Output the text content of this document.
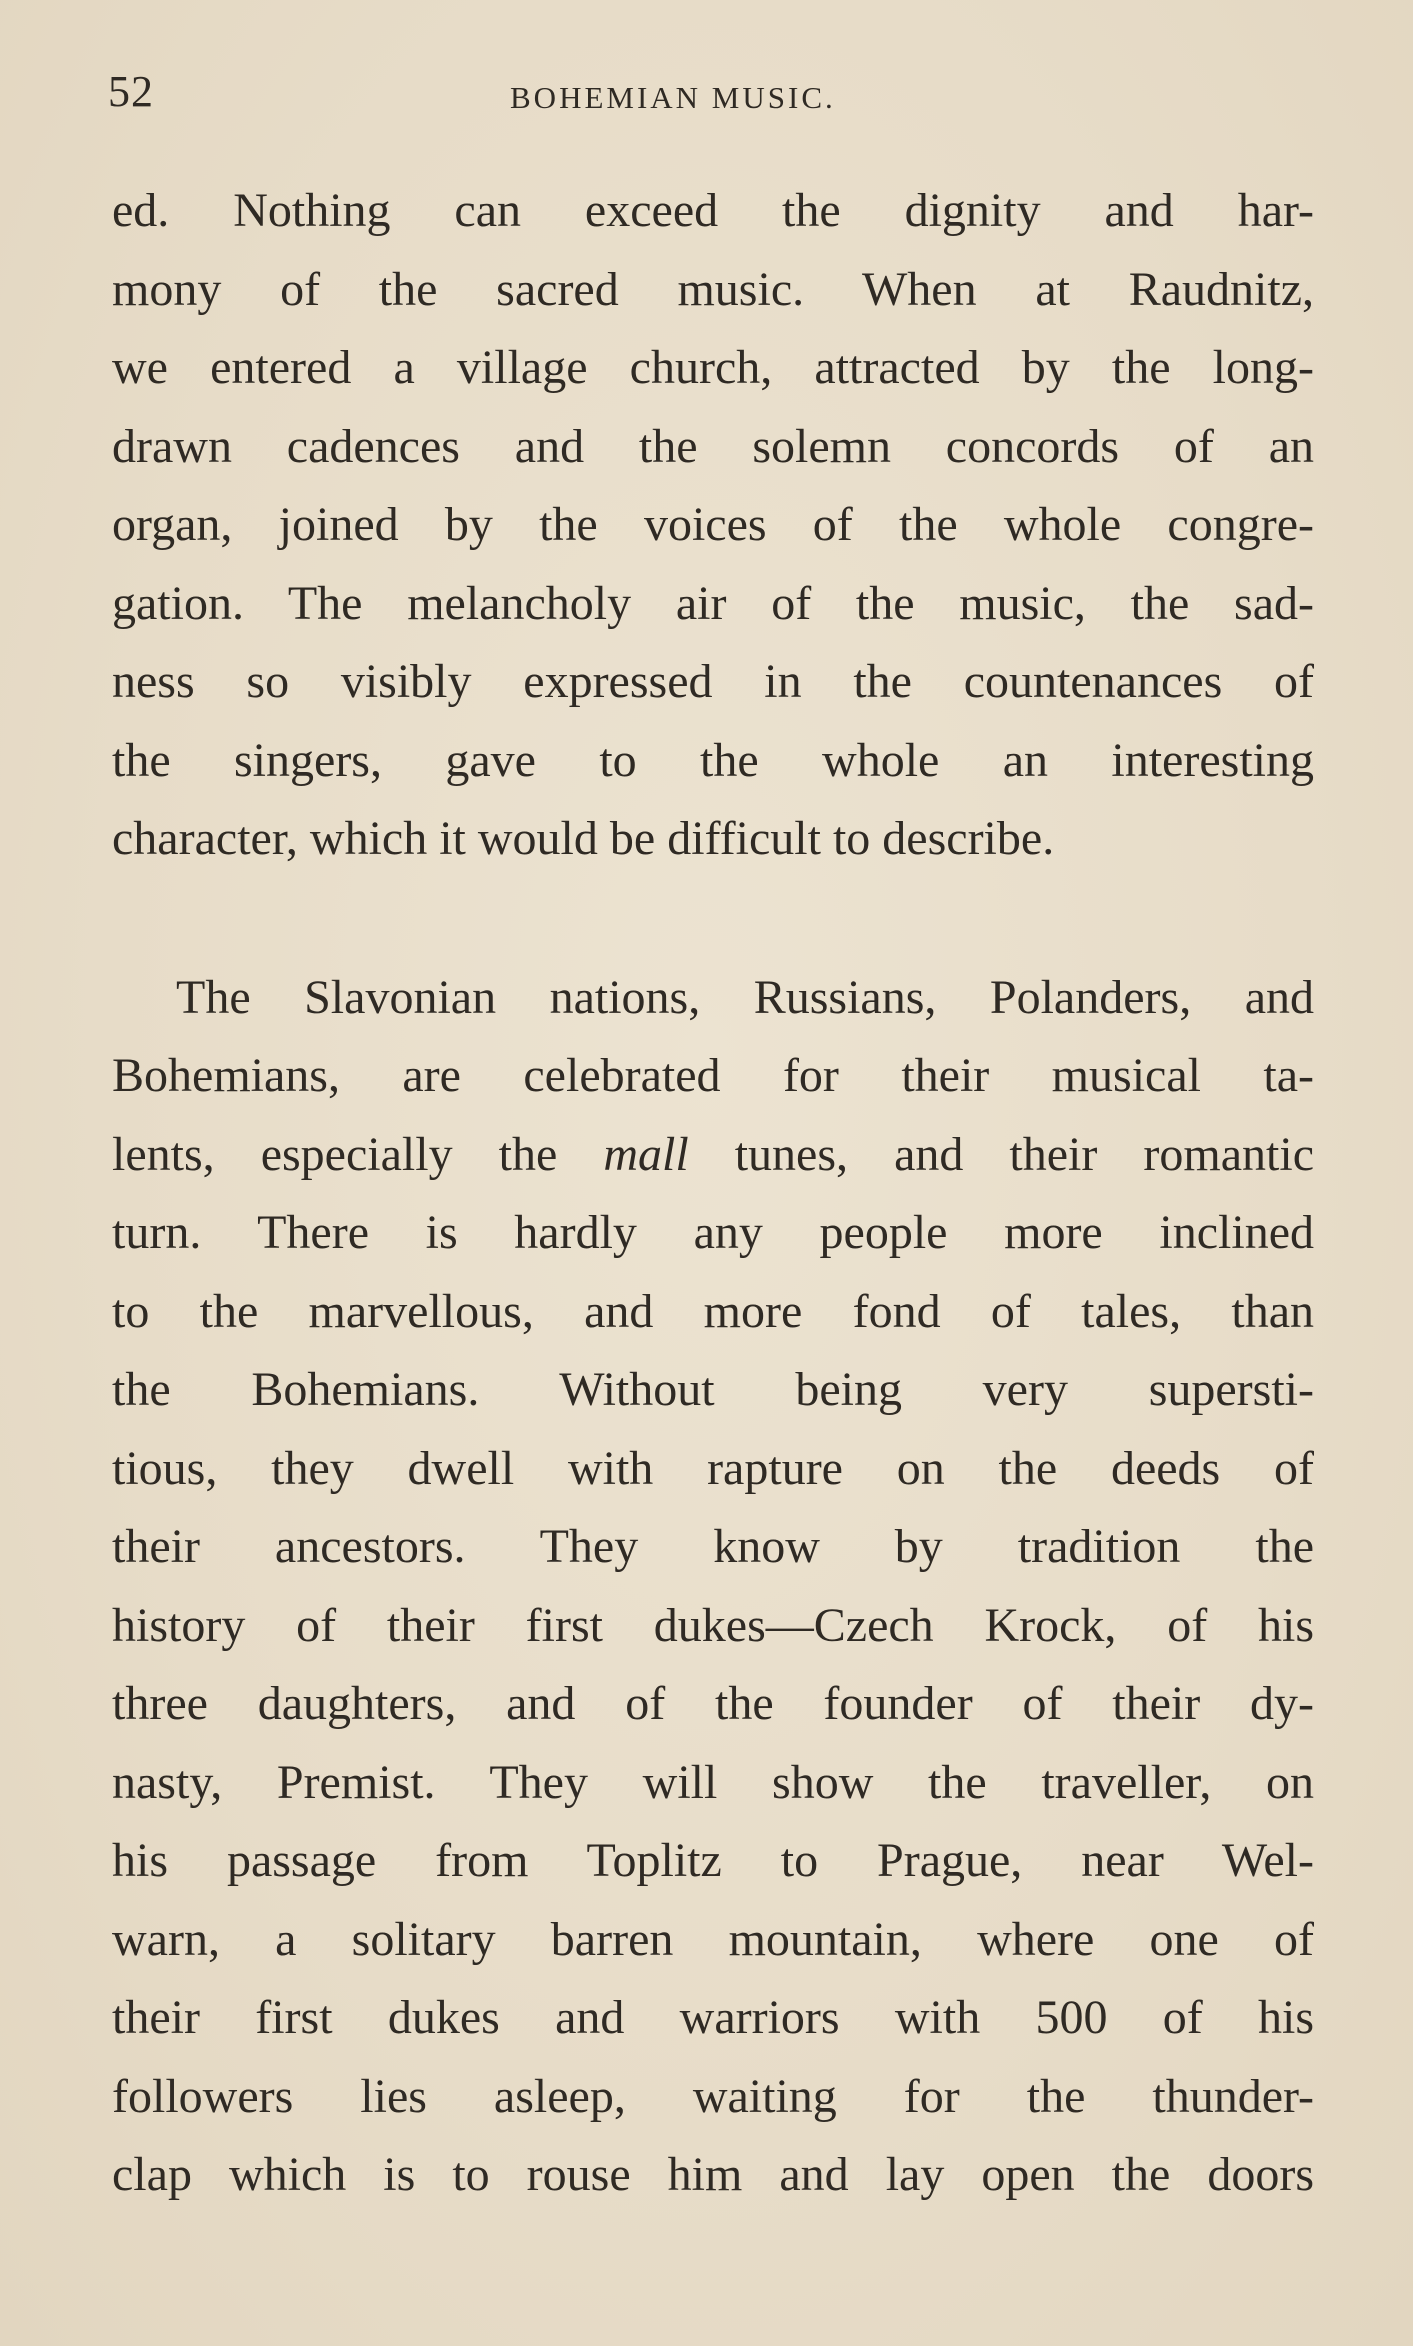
52	BOHEMIAN MUSIC.
ed. Nothing can exceed the dignity and har-
mony of the sacred music. When at Raudnitz,
we entered a village church, attracted by the long-
drawn cadences and the solemn concords of an
organ, joined by the voices of the whole congre-
gation. The melancholy air of the music, the sad-
ness so visibly expressed in the countenances of
the singers, gave to the whole an interesting
character, which it would be difficult to describe.
The Slavonian nations, Russians, Polanders, and
Bohemians, are celebrated for their musical ta-
lents, especially the mall tunes, and their romantic
turn. There is hardly any people more inclined
to the marvellous, and more fond of tales, than
the Bohemians. Without being very supersti-
tious, they dwell with rapture on the deeds of
their ancestors. They know by tradition the
history of their first dukes—Czech Krock, of his
three daughters, and of the founder of their dy-
nasty, Premist. They will show the traveller, on
his passage from Toplitz to Prague, near Wel-
warn, a solitary barren mountain, where one of
their first dukes and warriors with 500 of his
followers lies asleep, waiting for the thunder-
clap which is to rouse him and lay open the doors
